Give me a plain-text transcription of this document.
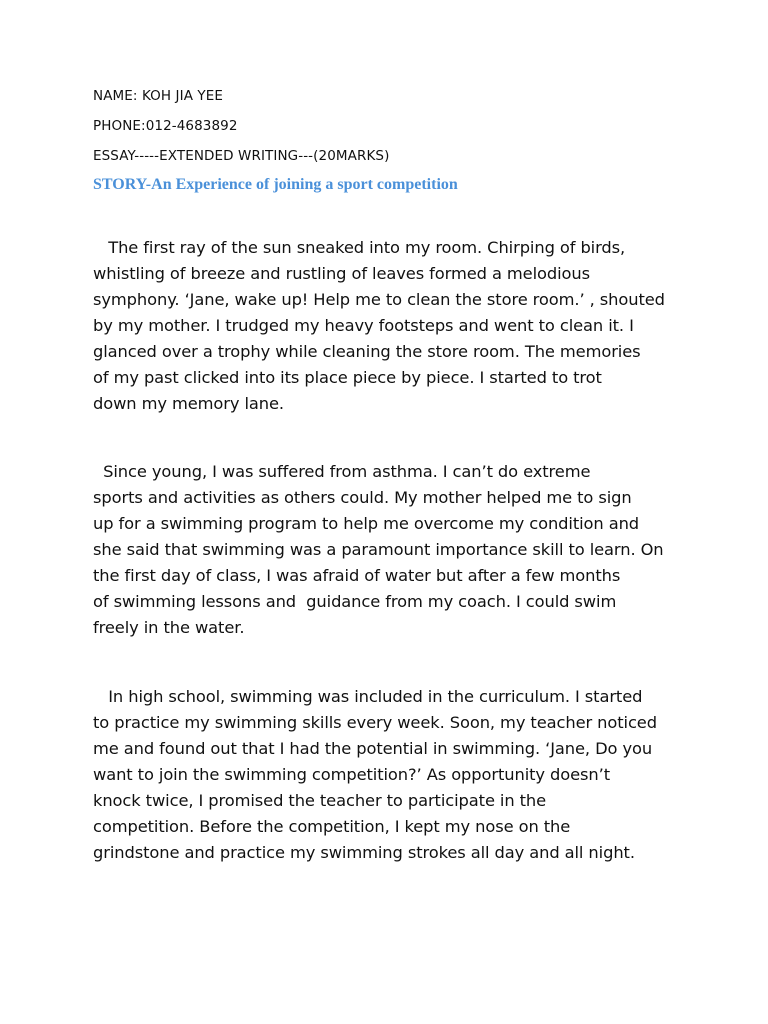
NAME: KOH JIA YEE
PHONE:012-4683892
ESSAY-----EXTENDED WRITING---(20MARKS)
STORY-An Experience of joining a sport competition

The first ray of the sun sneaked into my room. Chirping of birds,
whistling of breeze and rustling of leaves formed a melodious
symphony. ‘Jane, wake up! Help me to clean the store room.’ , shouted
by my mother. I trudged my heavy footsteps and went to clean it. I
glanced over a trophy while cleaning the store room. The memories
of my past clicked into its place piece by piece. I started to trot
down my memory lane.

Since young, I was suffered from asthma. I can’t do extreme
sports and activities as others could. My mother helped me to sign
up for a swimming program to help me overcome my condition and
she said that swimming was a paramount importance skill to learn. On
the first day of class, I was afraid of water but after a few months
of swimming lessons and  guidance from my coach. I could swim
freely in the water.

In high school, swimming was included in the curriculum. I started
to practice my swimming skills every week. Soon, my teacher noticed
me and found out that I had the potential in swimming. ‘Jane, Do you
want to join the swimming competition?’ As opportunity doesn’t
knock twice, I promised the teacher to participate in the
competition. Before the competition, I kept my nose on the
grindstone and practice my swimming strokes all day and all night.
